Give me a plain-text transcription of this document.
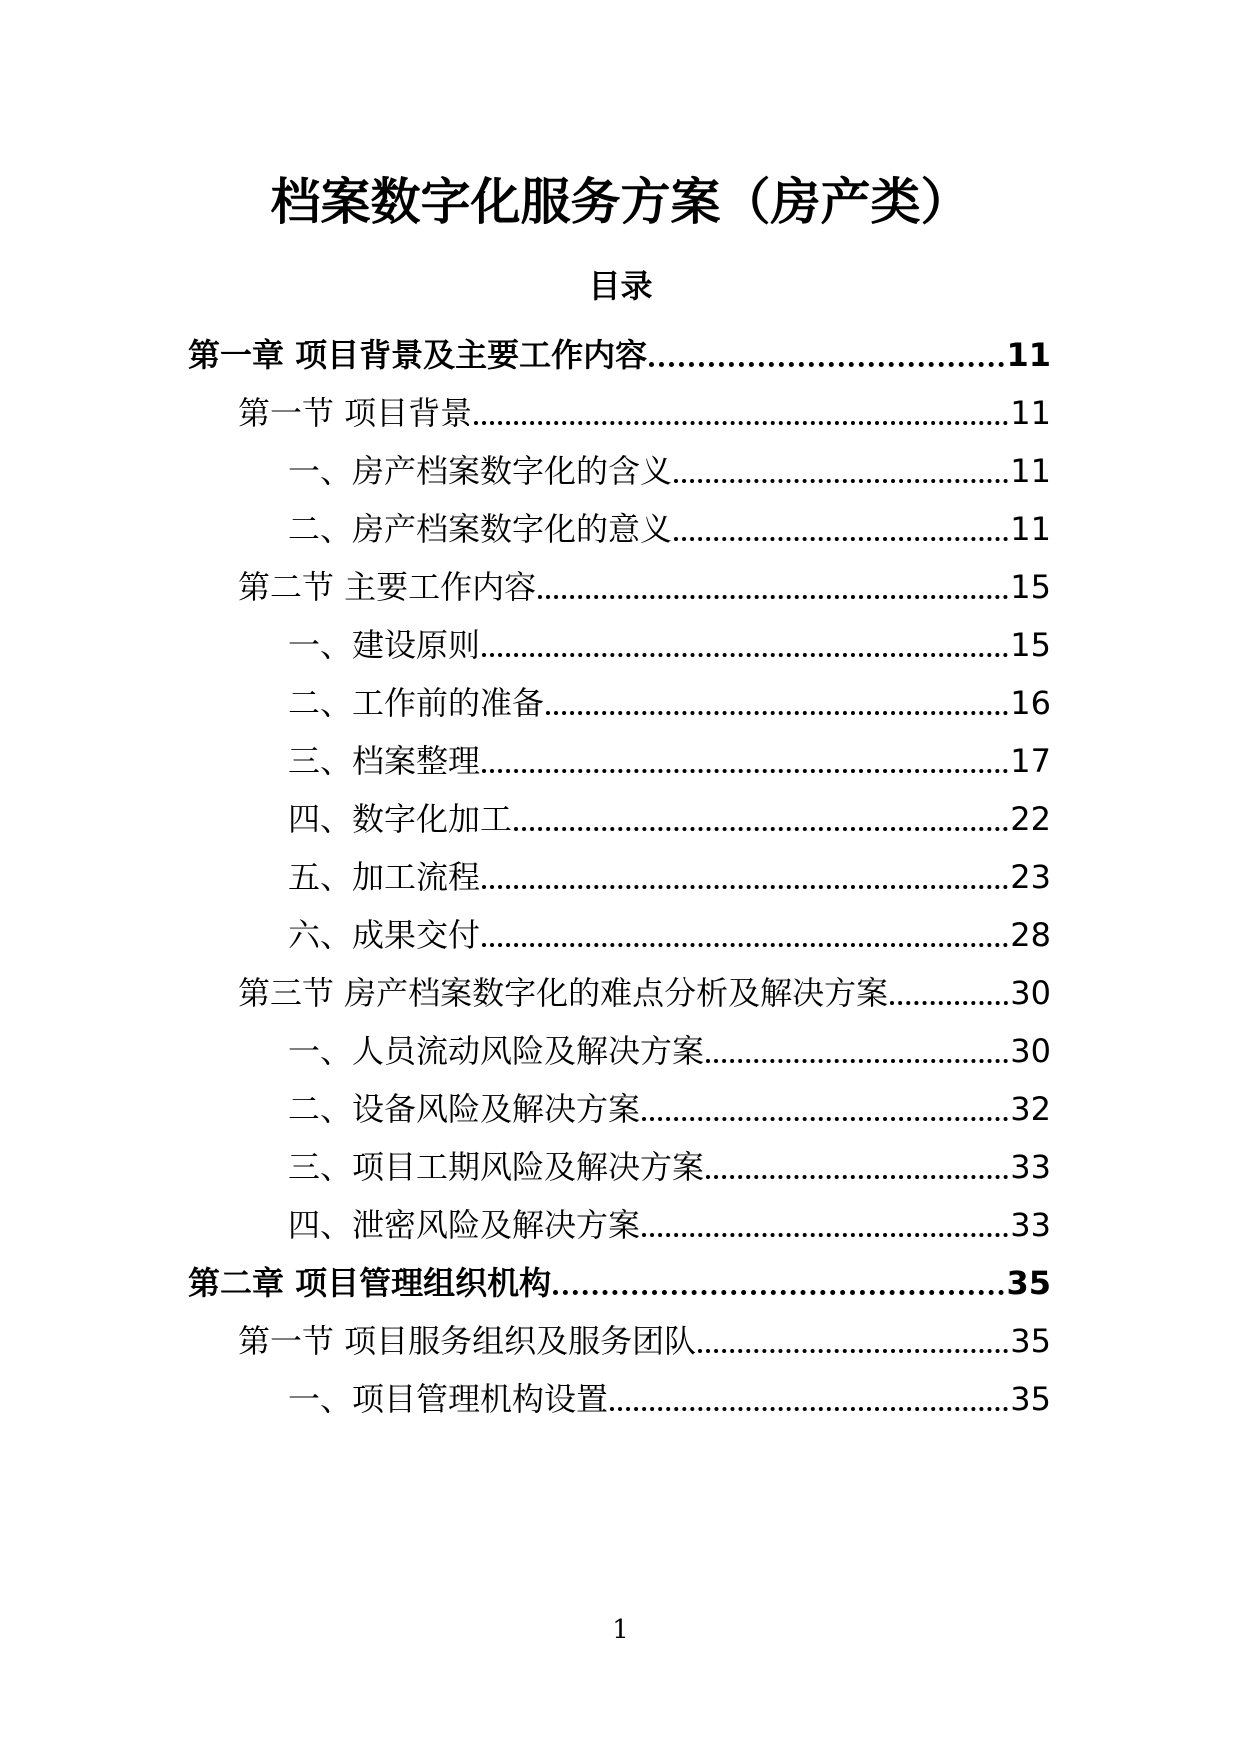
档案数字化服务方案（房产类）
目录
第一章 项目背景及主要工作内容	11
第一节 项目背景	11
一、房产档案数字化的含义	11
二、房产档案数字化的意义	11
第二节 主要工作内容	15
一、建设原则	15
二、工作前的准备	16
三、档案整理	17
四、数字化加工	22
五、加工流程	23
六、成果交付	28
第三节 房产档案数字化的难点分析及解决方案	30
一、人员流动风险及解决方案	30
二、设备风险及解决方案	32
三、项目工期风险及解决方案	33
四、泄密风险及解决方案	33
第二章 项目管理组织机构	35
第一节 项目服务组织及服务团队	35
一、项目管理机构设置	35
1
